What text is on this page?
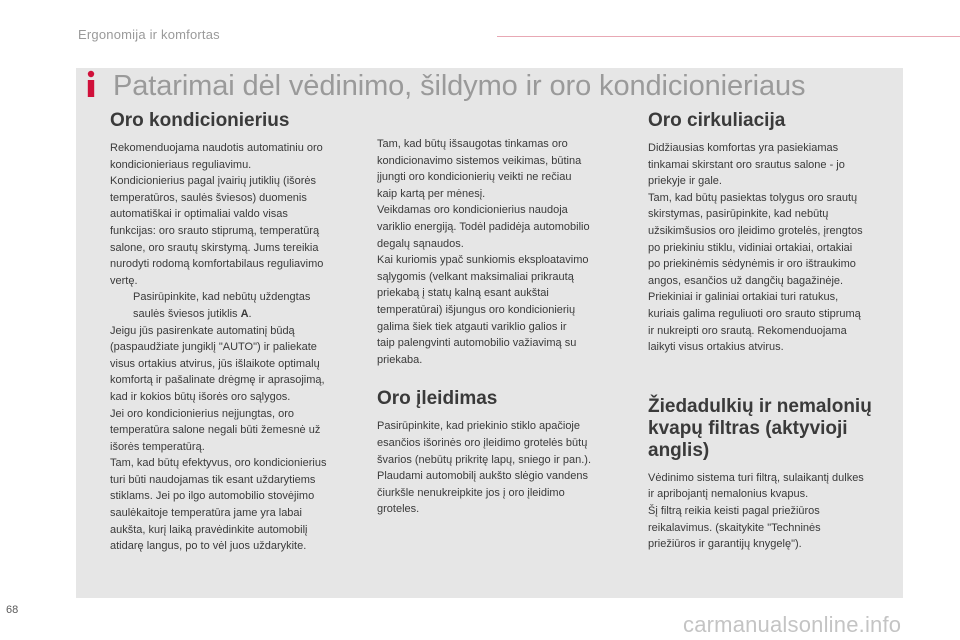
Ergonomija ir komfortas
Patarimai dėl vėdinimo, šildymo ir oro kondicionieriaus
Oro kondicionierius
Rekomenduojama naudotis automatiniu oro
kondicionieriaus reguliavimu.
Kondicionierius pagal įvairių jutiklių (išorės
temperatūros, saulės šviesos) duomenis
automatiškai ir optimaliai valdo visas
funkcijas: oro srauto stiprumą, temperatūrą
salone, oro srautų skirstymą. Jums tereikia
nurodyti rodomą komfortabilaus reguliavimo
vertę.
Pasirūpinkite, kad nebūtų uždengtas
saulės šviesos jutiklis A.
Jeigu jūs pasirenkate automatinį būdą
(paspaudžiate jungiklį "AUTO") ir paliekate
visus ortakius atvirus, jūs išlaikote optimalų
komfortą ir pašalinate drėgmę ir aprasojimą,
kad ir kokios būtų išorės oro sąlygos.
Jei oro kondicionierius neįjungtas, oro
temperatūra salone negali būti žemesnė už
išorės temperatūrą.
Tam, kad būtų efektyvus, oro kondicionierius
turi būti naudojamas tik esant uždarytiems
stiklams. Jei po ilgo automobilio stovėjimo
saulėkaitoje temperatūra jame yra labai
aukšta, kurį laiką pravėdinkite automobilį
atidarę langus, po to vėl juos uždarykite.
Tam, kad būtų išsaugotas tinkamas oro
kondicionavimo sistemos veikimas, būtina
įjungti oro kondicionierių veikti ne rečiau
kaip kartą per mėnesį.
Veikdamas oro kondicionierius naudoja
variklio energiją. Todėl padidėja automobilio
degalų sąnaudos.
Kai kuriomis ypač sunkiomis eksploatavimo
sąlygomis (velkant maksimaliai prikrautą
priekabą į statų kalną esant aukštai
temperatūrai) išjungus oro kondicionierių
galima šiek tiek atgauti variklio galios ir
taip palengvinti automobilio važiavimą su
priekaba.
Oro įleidimas
Pasirūpinkite, kad priekinio stiklo apačioje
esančios išorinės oro įleidimo grotelės būtų
švarios (nebūtų prikritę lapų, sniego ir pan.).
Plaudami automobilį aukšto slėgio vandens
čiurkšle nenukreipkite jos į oro įleidimo
groteles.
Oro cirkuliacija
Didžiausias komfortas yra pasiekiamas
tinkamai skirstant oro srautus salone - jo
priekyje ir gale.
Tam, kad būtų pasiektas tolygus oro srautų
skirstymas, pasirūpinkite, kad nebūtų
užsikimšusios oro įleidimo grotelės, įrengtos
po priekiniu stiklu, vidiniai ortakiai, ortakiai
po priekinėmis sėdynėmis ir oro ištraukimo
angos, esančios už dangčių bagažinėje.
Priekiniai ir galiniai ortakiai turi ratukus,
kuriais galima reguliuoti oro srauto stiprumą
ir nukreipti oro srautą. Rekomenduojama
laikyti visus ortakius atvirus.
Žiedadulkių ir nemalonių
kvapų filtras (aktyvioji
anglis)
Vėdinimo sistema turi filtrą, sulaikantį dulkes
ir apribojantį nemalonius kvapus.
Šį filtrą reikia keisti pagal priežiūros
reikalavimus. (skaitykite "Techninės
priežiūros ir garantijų knygelę").
68
carmanualsonline.info
